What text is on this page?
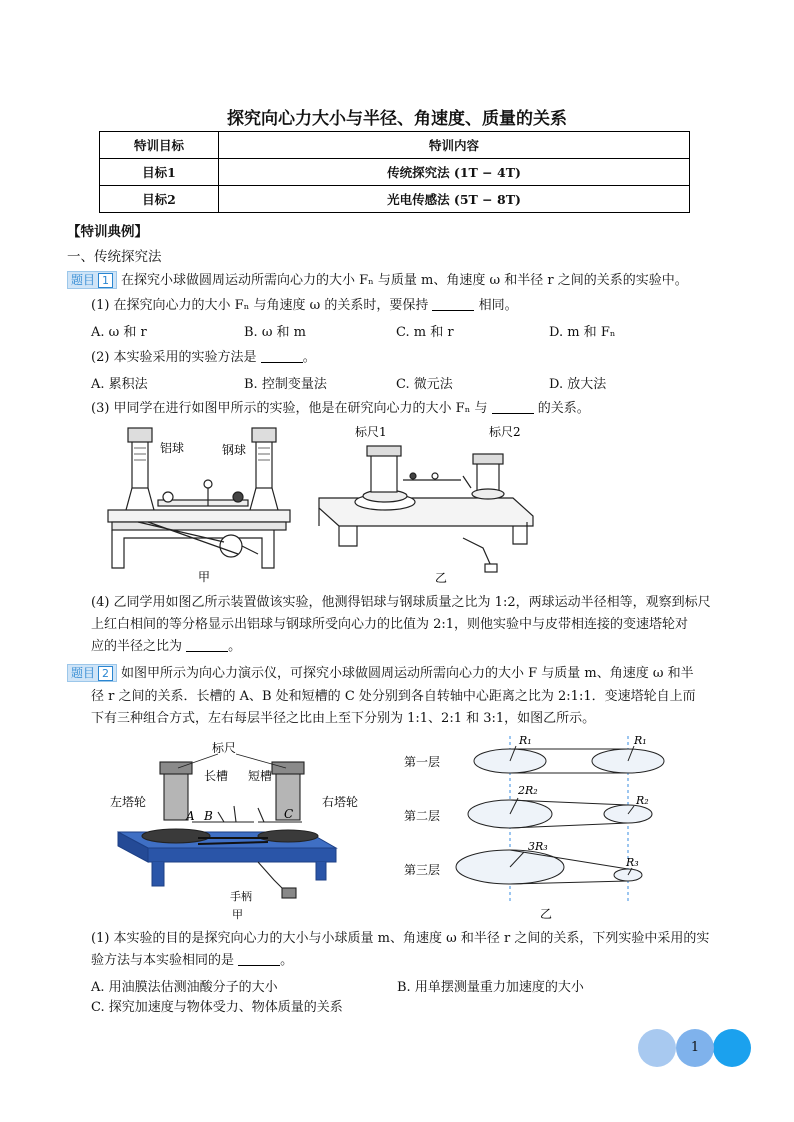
探究向心力大小与半径、角速度、质量的关系
特训目标	特训内容
目标1	传统探究法 (1T − 4T)
目标2	光电传感法 (5T − 8T)
【特训典例】
一、传统探究法
题目 1 在探究小球做圆周运动所需向心力的大小 Fₙ 与质量 m、角速度 ω 和半径 r 之间的关系的实验中。
(1) 在探究向心力的大小 Fₙ 与角速度 ω 的关系时，要保持	相同。
A. ω 和 r	B. ω 和 m	C. m 和 r	D. m 和 Fₙ
(2) 本实验采用的实验方法是	。
A. 累积法	B. 控制变量法	C. 微元法	D. 放大法
(3) 甲同学在进行如图甲所示的实验，他是在研究向心力的大小 Fₙ 与	的关系。
铝球	钢球
甲
标尺1	标尺2
乙
(4) 乙同学用如图乙所示装置做该实验，他测得铝球与钢球质量之比为 1:2，两球运动半径相等，观察到标尺
上红白相间的等分格显示出铝球与钢球所受向心力的比值为 2:1，则他实验中与皮带相连接的变速塔轮对
应的半径之比为	。
题目 2 如图甲所示为向心力演示仪，可探究小球做圆周运动所需向心力的大小 F 与质量 m、角速度 ω 和半
径 r 之间的关系．长槽的 A、B 处和短槽的 C 处分别到各自转轴中心距离之比为 2:1:1．变速塔轮自上而
下有三种组合方式，左右每层半径之比由上至下分别为 1:1、2:1 和 3:1，如图乙所示。
标尺
长槽 短槽
左塔轮	右塔轮
A B	C
手柄
甲
第一层
第二层
第三层
R₁	R₁
2R₂
R₂
3R₃
R₃
乙
(1) 本实验的目的是探究向心力的大小与小球质量 m、角速度 ω 和半径 r 之间的关系，下列实验中采用的实
验方法与本实验相同的是	。
A. 用油膜法估测油酸分子的大小	B. 用单摆测量重力加速度的大小
C. 探究加速度与物体受力、物体质量的关系
1
